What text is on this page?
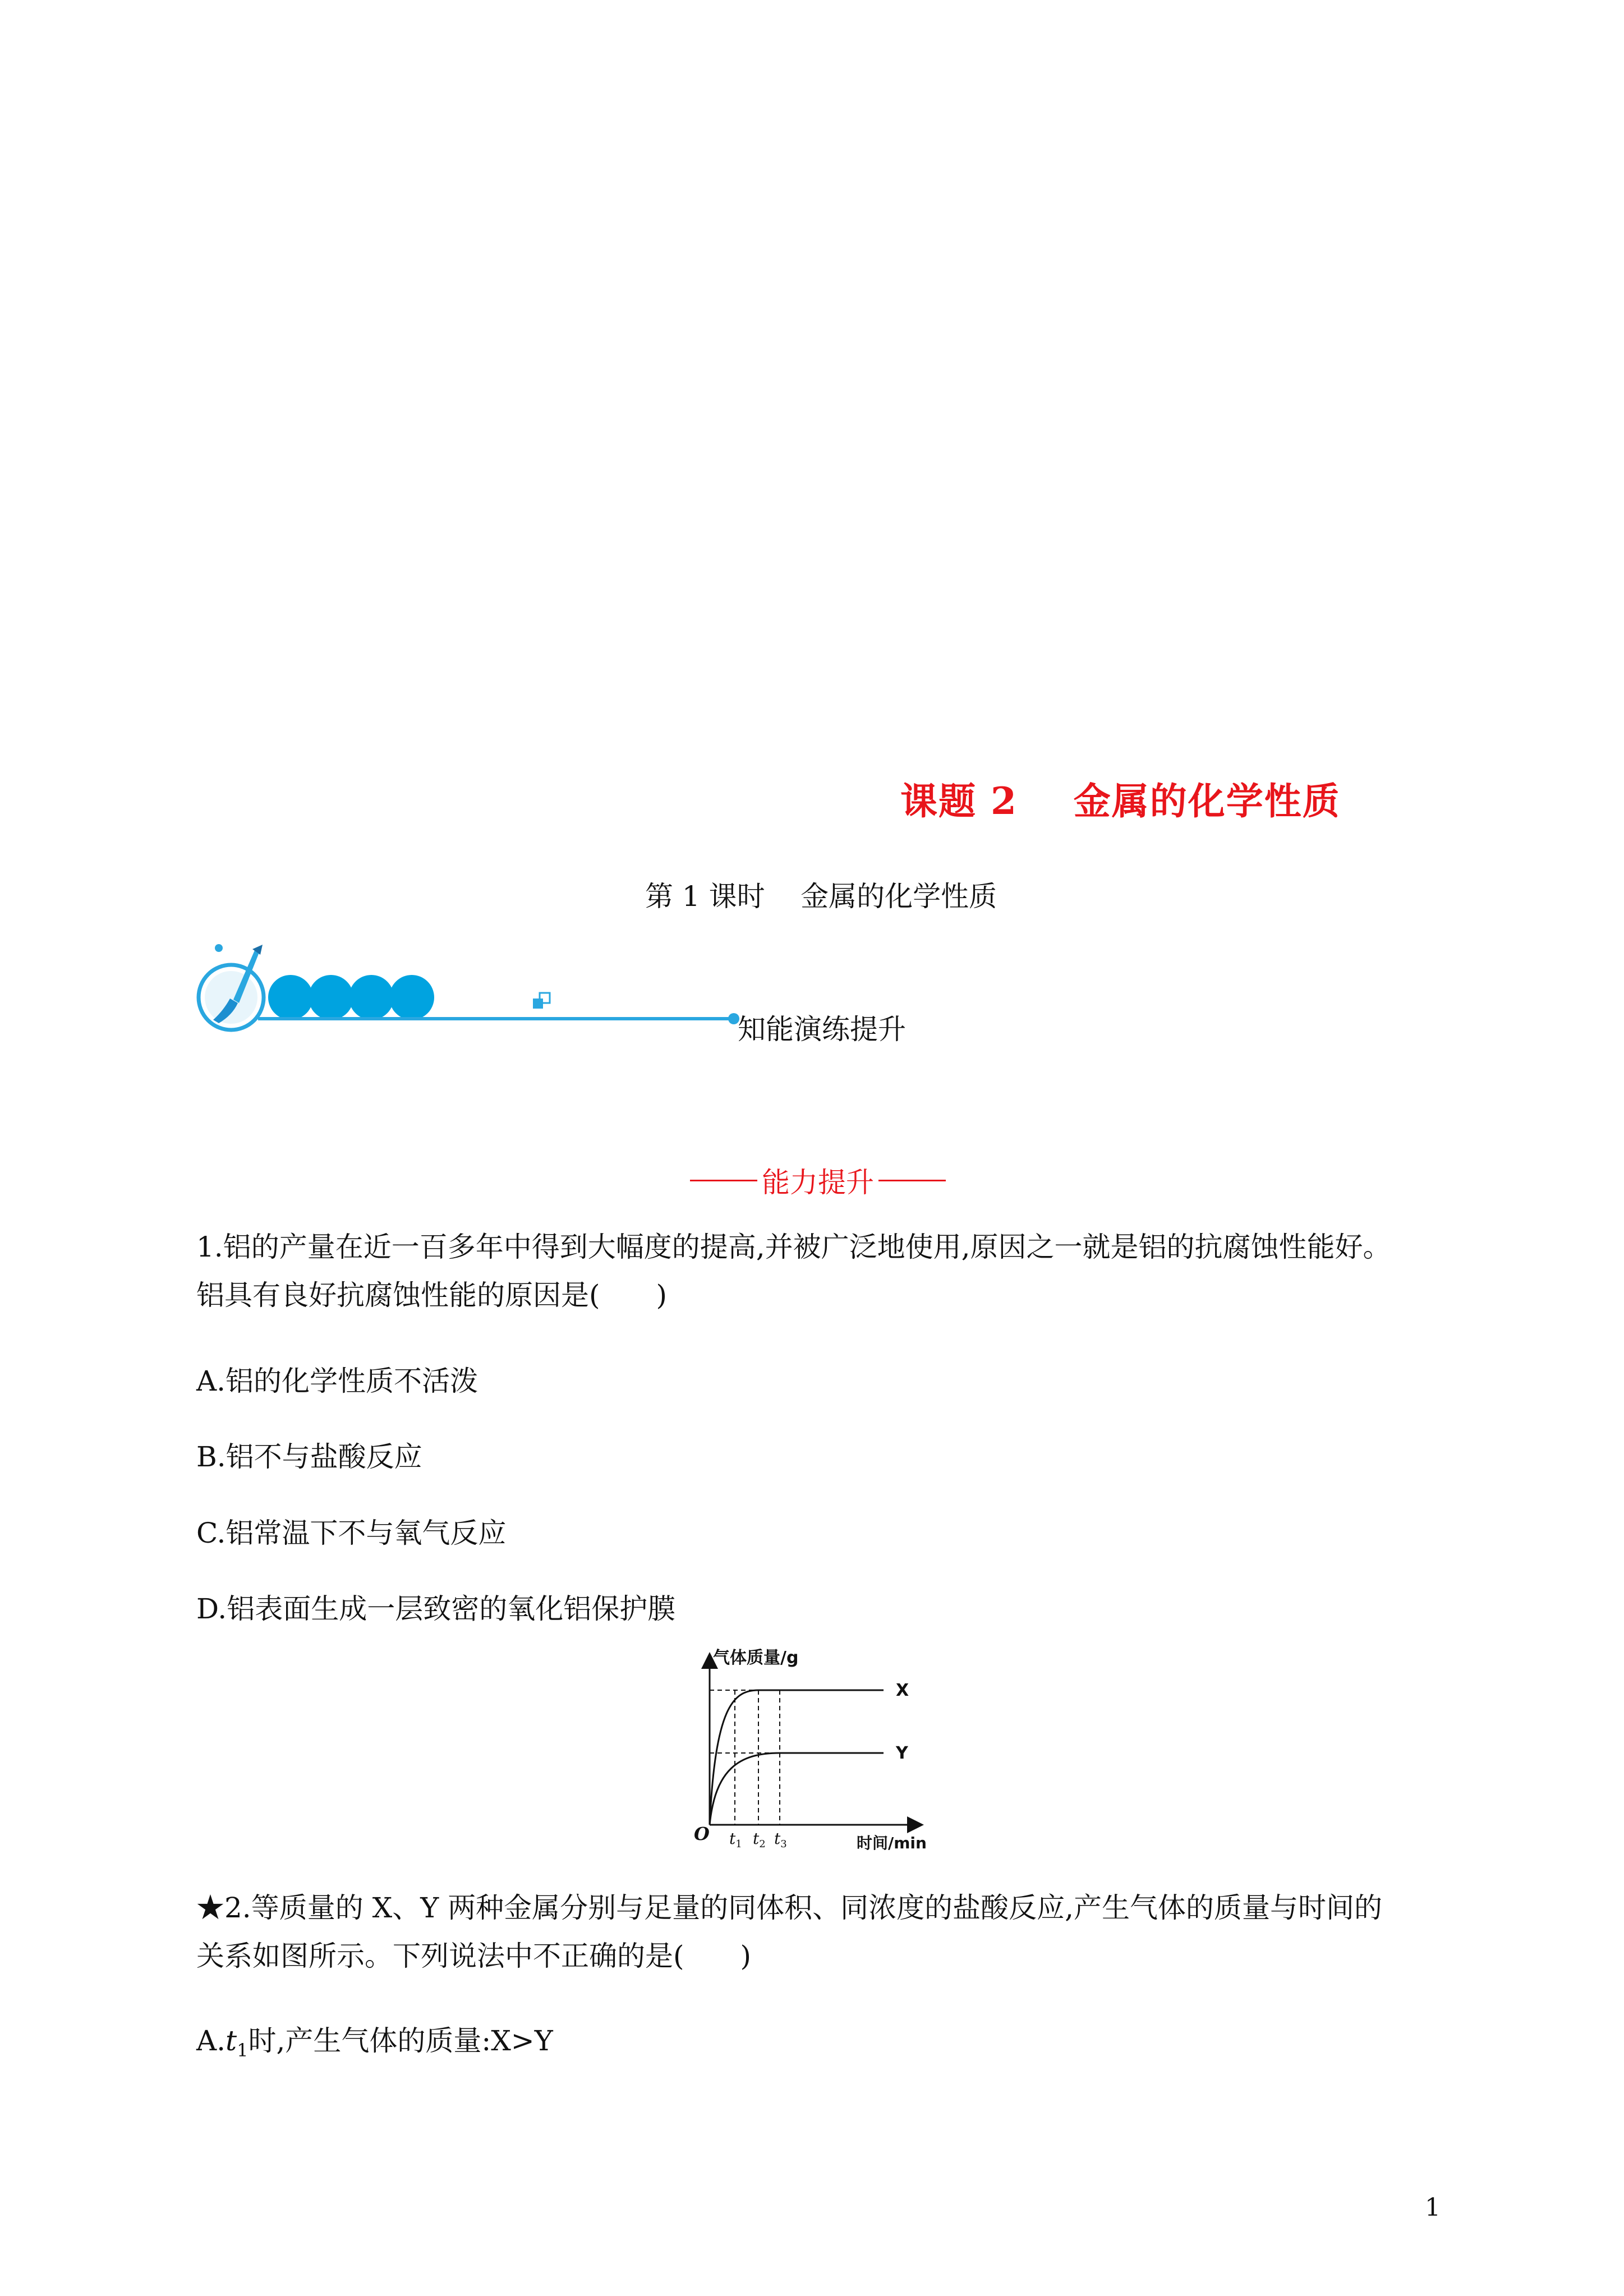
课题 2    金属的化学性质
第 1 课时    金属的化学性质
知能演练提升
能力提升
1.铝的产量在近一百多年中得到大幅度的提高,并被广泛地使用,原因之一就是铝的抗腐蚀性能好。铝具有良好抗腐蚀性能的原因是(　　)
A.铝的化学性质不活泼
B.铝不与盐酸反应
C.铝常温下不与氧气反应
D.铝表面生成一层致密的氧化铝保护膜
气体质量/g
时间/min
O $t_1$ $t_2$ $t_3$
X
Y
★2.等质量的 X、Y 两种金属分别与足量的同体积、同浓度的盐酸反应,产生气体的质量与时间的关系如图所示。下列说法中不正确的是(　　)
$A.t_1$时,产生气体的质量:X>Y
1
